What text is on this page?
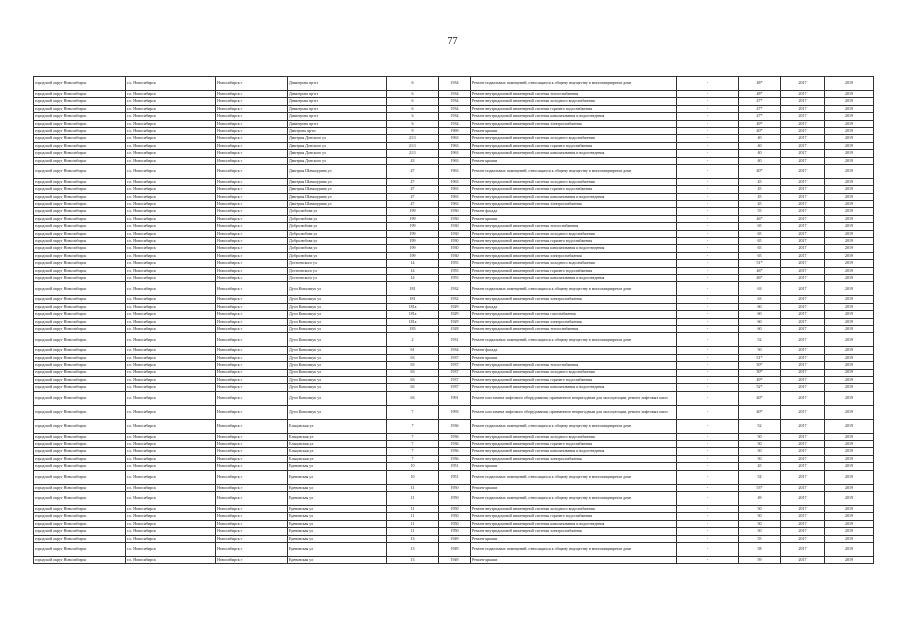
77
городской округ Новосибирск	г.о. Новосибирск	Новосибирск г	Димитрова пр-кт	6	1934	Ремонт подвальных помещений, относящихся к общему имуществу в многоквартирном доме	-	48*	2017	2019
городской округ Новосибирск	г.о. Новосибирск	Новосибирск г	Димитрова пр-кт	6	1934	Ремонт внутридомовой инженерной системы теплоснабжения	-	48*	2017	2019
городской округ Новосибирск	г.о. Новосибирск	Новосибирск г	Димитрова пр-кт	6	1934	Ремонт внутридомовой инженерной системы холодного водоснабжения	-	47*	2017	2019
городской округ Новосибирск	г.о. Новосибирск	Новосибирск г	Димитрова пр-кт	6	1934	Ремонт внутридомовой инженерной системы горячего водоснабжения	-	47*	2017	2019
городской округ Новосибирск	г.о. Новосибирск	Новосибирск г	Димитрова пр-кт	6	1934	Ремонт внутридомовой инженерной системы канализования и водоотведения	-	47*	2017	2019
городской округ Новосибирск	г.о. Новосибирск	Новосибирск г	Димитрова пр-кт	6	1934	Ремонт внутридомовой инженерной системы электроснабжения	-	49*	2017	2019
городской округ Новосибирск	г.о. Новосибирск	Новосибирск г	Дмитрова пр-кт	9	1969	Ремонт крыши	-	40*	2017	2019
городской округ Новосибирск	г.о. Новосибирск	Новосибирск г	Дмитрия Донского ул	21/1	1963	Ремонт внутридомовой инженерной системы холодного водоснабжения	-	40	2017	2019
городской округ Новосибирск	г.о. Новосибирск	Новосибирск г	Дмитрия Донского ул	21/1	1963	Ремонт внутридомовой инженерной системы горячего водоснабжения	-	40	2017	2019
городской округ Новосибирск	г.о. Новосибирск	Новосибирск г	Дмитрия Донского ул	21/1	1963	Ремонт внутридомовой инженерной системы канализования и водоотведения	-	40	2017	2019
городской округ Новосибирск	г.о. Новосибирск	Новосибирск г	Дмитрия Донского ул	43	1963	Ремонт крыши	-	40	2017	2019
городской округ Новосибирск	г.о. Новосибирск	Новосибирск г	Дмитрия Шамшурина ул	47	1963	Ремонт подвальных помещений, относящихся к общему имуществу в многоквартирном доме	-	40*	2017	2019
городской округ Новосибирск	г.о. Новосибирск	Новосибирск г	Дмитрия Шамшурина ул	47	1963	Ремонт внутридомовой инженерной системы холодного водоснабжения	-	45	2017	2019
городской округ Новосибирск	г.о. Новосибирск	Новосибирск г	Дмитрия Шамшурина ул	47	1963	Ремонт внутридомовой инженерной системы горячего водоснабжения	-	45	2017	2019
городской округ Новосибирск	г.о. Новосибирск	Новосибирск г	Дмитрия Шамшурина ул	47	1963	Ремонт внутридомовой инженерной системы канализования и водоотведения	-	45	2017	2019
городской округ Новосибирск	г.о. Новосибирск	Новосибирск г	Дмитрия Шамшурина ул	47	1963	Ремонт внутридомовой инженерной системы электроснабжения	-	45	2017	2019
городской округ Новосибирск	г.о. Новосибирск	Новосибирск г	Добролюбова ул	199	1930	Ремонт фасада	-	55	2017	2019
городской округ Новосибирск	г.о. Новосибирск	Новосибирск г	Добролюбова ул	199	1930	Ремонт крыши	-	46*	2017	2019
городской округ Новосибирск	г.о. Новосибирск	Новосибирск г	Добролюбова ул	199	1930	Ремонт внутридомовой инженерной системы теплоснабжения	-	65	2017	2019
городской округ Новосибирск	г.о. Новосибирск	Новосибирск г	Добролюбова ул	199	1930	Ремонт внутридомовой инженерной системы холодного водоснабжения	-	65	2017	2019
городской округ Новосибирск	г.о. Новосибирск	Новосибирск г	Добролюбова ул	199	1930	Ремонт внутридомовой инженерной системы горячего водоснабжения	-	65	2017	2019
городской округ Новосибирск	г.о. Новосибирск	Новосибирск г	Добролюбова ул	199	1930	Ремонт внутридомовой инженерной системы канализования и водоотведения	-	65	2017	2019
городской округ Новосибирск	г.о. Новосибирск	Новосибирск г	Добролюбова ул	199	1930	Ремонт внутридомовой инженерной системы электроснабжения	-	65	2017	2019
городской округ Новосибирск	г.о. Новосибирск	Новосибирск г	Достоевского ул	14	1955	Ремонт внутридомовой инженерной системы холодного водоснабжения	-	51*	2017	2019
городской округ Новосибирск	г.о. Новосибирск	Новосибирск г	Достоевского ул	14	1955	Ремонт внутридомовой инженерной системы горячего водоснабжения	-	46*	2017	2019
городской округ Новосибирск	г.о. Новосибирск	Новосибирск г	Достоевского ул	14	1955	Ремонт внутридомовой инженерной системы канализования и водоотведения	-	46*	2017	2019
городской округ Новосибирск	г.о. Новосибирск	Новосибирск г	Дуси Ковальчук ул	181	1932	Ремонт подвальных помещений, относящихся к общему имуществу в многоквартирном доме	-	63	2017	2019
городской округ Новосибирск	г.о. Новосибирск	Новосибирск г	Дуси Ковальчук ул	181	1932	Ремонт внутридомовой инженерной системы электроснабжения	-	63	2017	2019
городской округ Новосибирск	г.о. Новосибирск	Новосибирск г	Дуси Ковальчук ул	181а	1929	Ремонт фасада	-	60	2017	2019
городской округ Новосибирск	г.о. Новосибирск	Новосибирск г	Дуси Ковальчук ул	181а	1929	Ремонт внутридомовой инженерной системы газоснабжения	-	60	2017	2019
городской округ Новосибирск	г.о. Новосибирск	Новосибирск г	Дуси Ковальчук ул	181а	1929	Ремонт внутридомовой инженерной системы электроснабжения	-	60	2017	2019
городской округ Новосибирск	г.о. Новосибирск	Новосибирск г	Дуси Ковальчук ул	183	1928	Ремонт внутридомовой инженерной системы теплоснабжения	-	60	2017	2019
городской округ Новосибирск	г.о. Новосибирск	Новосибирск г	Дуси Ковальчук ул	2	1931	Ремонт подвальных помещений, относящихся к общему имуществу в многоквартирном доме	-	52	2017	2019
городской округ Новосибирск	г.о. Новосибирск	Новосибирск г	Дуси Ковальчук ул	61	1934	Ремонт фасада	-	50	2017	2019
городской округ Новосибирск	г.о. Новосибирск	Новосибирск г	Дуси Ковальчук ул	63	1937	Ремонт крыши	-	51*	2017	2019
городской округ Новосибирск	г.о. Новосибирск	Новосибирск г	Дуси Ковальчук ул	63	1937	Ремонт внутридомовой инженерной системы теплоснабжения	-	50*	2017	2019
городской округ Новосибирск	г.о. Новосибирск	Новосибирск г	Дуси Ковальчук ул	63	1937	Ремонт внутридомовой инженерной системы холодного водоснабжения	-	50*	2017	2019
городской округ Новосибирск	г.о. Новосибирск	Новосибирск г	Дуси Ковальчук ул	63	1937	Ремонт внутридомовой инженерной системы горячего водоснабжения	-	49*	2017	2019
городской округ Новосибирск	г.о. Новосибирск	Новосибирск г	Дуси Ковальчук ул	63	1937	Ремонт внутридомовой инженерной системы канализования и водоотведения	-	52*	2017	2019
городской округ Новосибирск	г.о. Новосибирск	Новосибирск г	Дуси Ковальчук ул	63	1991	Ремонт или замена лифтового оборудования, признанного непригодным для эксплуатации, ремонт лифтовых шахт	-	40*	2017	2019
городской округ Новосибирск	г.о. Новосибирск	Новосибирск г	Дуси Ковальчук ул	7	1993	Ремонт или замена лифтового оборудования, признанного непригодным для эксплуатации, ремонт лифтовых шахт	-	40*	2017	2019
городской округ Новосибирск	г.о. Новосибирск	Новосибирск г	Ельцовская ул	7	1936	Ремонт подвальных помещений, относящихся к общему имуществу в многоквартирном доме	-	52	2017	2019
городской округ Новосибирск	г.о. Новосибирск	Новосибирск г	Ельцовская ул	7	1936	Ремонт внутридомовой инженерной системы холодного водоснабжения	-	50	2017	2019
городской округ Новосибирск	г.о. Новосибирск	Новосибирск г	Ельцовская ул	7	1936	Ремонт внутридомовой инженерной системы горячего водоснабжения	-	50	2017	2019
городской округ Новосибирск	г.о. Новосибирск	Новосибирск г	Ельцовская ул	7	1936	Ремонт внутридомовой инженерной системы канализования и водоотведения	-	50	2017	2019
городской округ Новосибирск	г.о. Новосибирск	Новосибирск г	Ельцовская ул	7	1936	Ремонт внутридомовой инженерной системы электроснабжения	-	50	2017	2019
городской округ Новосибирск	г.о. Новосибирск	Новосибирск г	Ереванская ул	10	1951	Ремонт крыши	-	45	2017	2019
городской округ Новосибирск	г.о. Новосибирск	Новосибирск г	Ереванская ул	10	1951	Ремонт подвальных помещений, относящихся к общему имуществу в многоквартирном доме	-	54	2017	2019
городской округ Новосибирск	г.о. Новосибирск	Новосибирск г	Ереванская ул	11	1950	Ремонт крыши	-	53*	2017	2019
городской округ Новосибирск	г.о. Новосибирск	Новосибирск г	Ереванская ул	11	1950	Ремонт подвальных помещений, относящихся к общему имуществу в многоквартирном доме	-	49	2017	2019
городской округ Новосибирск	г.о. Новосибирск	Новосибирск г	Ереванская ул	11	1950	Ремонт внутридомовой инженерной системы холодного водоснабжения	-	50	2017	2019
городской округ Новосибирск	г.о. Новосибирск	Новосибирск г	Ереванская ул	11	1950	Ремонт внутридомовой инженерной системы горячего водоснабжения	-	50	2017	2019
городской округ Новосибирск	г.о. Новосибирск	Новосибирск г	Ереванская ул	11	1950	Ремонт внутридомовой инженерной системы канализования и водоотведения	-	50	2017	2019
городской округ Новосибирск	г.о. Новосибирск	Новосибирск г	Ереванская ул	11	1950	Ремонт внутридомовой инженерной системы электроснабжения	-	50	2017	2019
городской округ Новосибирск	г.о. Новосибирск	Новосибирск г	Ереванская ул	13	1949	Ремонт крыши	-	55	2017	2019
городской округ Новосибирск	г.о. Новосибирск	Новосибирск г	Ереванская ул	13	1949	Ремонт подвальных помещений, относящихся к общему имуществу в многоквартирном доме	-	58	2017	2019
городской округ Новосибирск	г.о. Новосибирск	Новосибирск г	Ереванская ул	13	1949	Ремонт крыши	-	59	2017	2019
